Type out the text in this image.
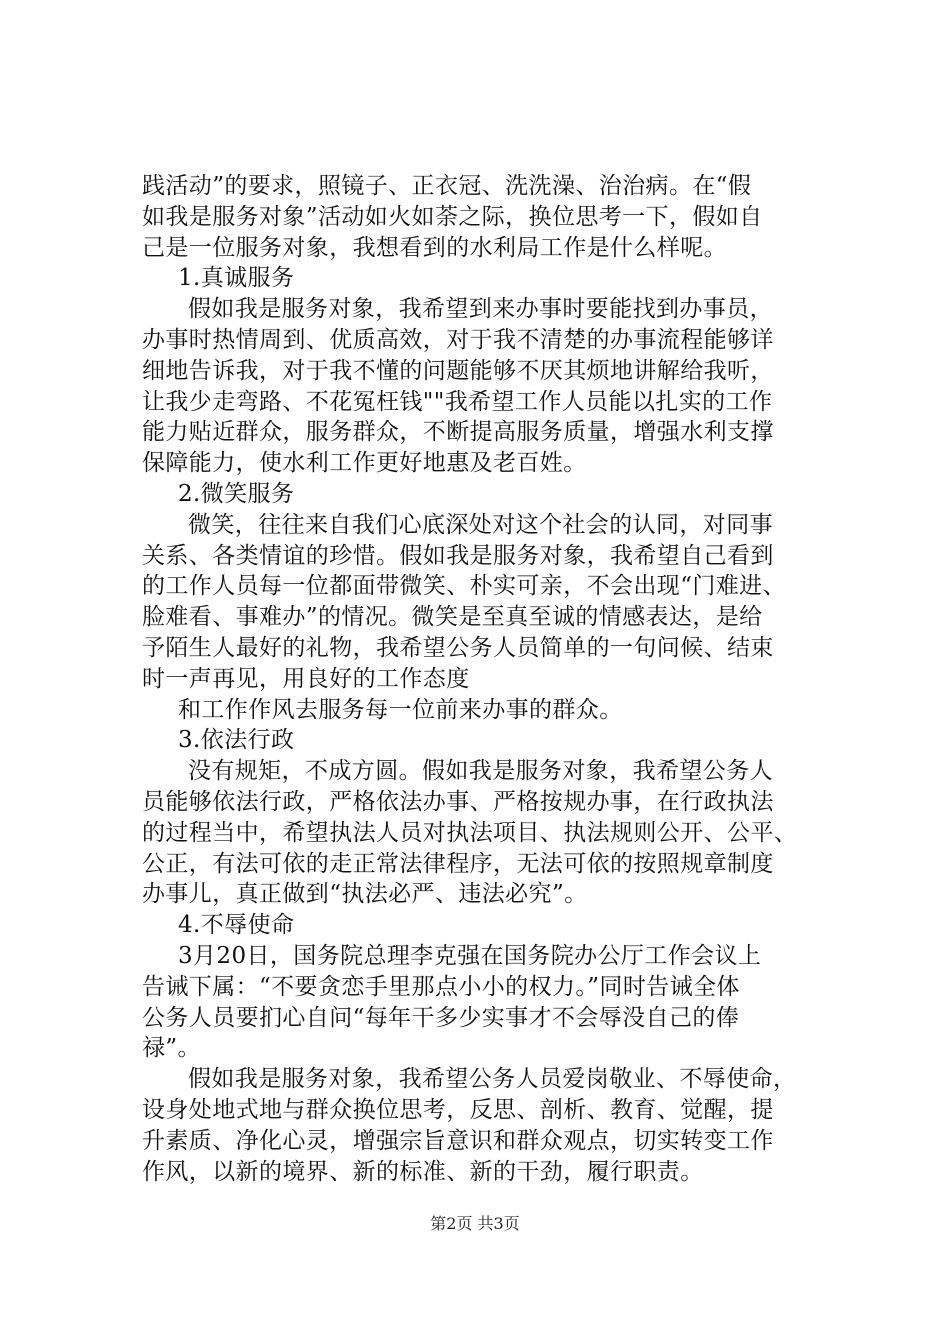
践活动”的要求，照镜子、正衣冠、洗洗澡、治治病。在“假
如我是服务对象”活动如火如荼之际，换位思考一下，假如自
己是一位服务对象，我想看到的水利局工作是什么样呢。
1.真诚服务
假如我是服务对象，我希望到来办事时要能找到办事员，
办事时热情周到、优质高效，对于我不清楚的办事流程能够详
细地告诉我，对于我不懂的问题能够不厌其烦地讲解给我听，
让我少走弯路、不花冤枉钱""我希望工作人员能以扎实的工作
能力贴近群众，服务群众，不断提高服务质量，增强水利支撑
保障能力，使水利工作更好地惠及老百姓。
2.微笑服务
微笑，往往来自我们心底深处对这个社会的认同，对同事
关系、各类情谊的珍惜。假如我是服务对象，我希望自己看到
的工作人员每一位都面带微笑、朴实可亲，不会出现“门难进、
脸难看、事难办”的情况。微笑是至真至诚的情感表达，是给
予陌生人最好的礼物，我希望公务人员简单的一句问候、结束
时一声再见，用良好的工作态度
和工作作风去服务每一位前来办事的群众。
3.依法行政
没有规矩，不成方圆。假如我是服务对象，我希望公务人
员能够依法行政，严格依法办事、严格按规办事，在行政执法
的过程当中，希望执法人员对执法项目、执法规则公开、公平、
公正，有法可依的走正常法律程序，无法可依的按照规章制度
办事儿，真正做到“执法必严、违法必究”。
4.不辱使命
3月20日，国务院总理李克强在国务院办公厅工作会议上
告诫下属：“不要贪恋手里那点小小的权力。”同时告诫全体
公务人员要扪心自问“每年干多少实事才不会辱没自己的俸
禄”。
假如我是服务对象，我希望公务人员爱岗敬业、不辱使命，
设身处地式地与群众换位思考，反思、剖析、教育、觉醒，提
升素质、净化心灵，增强宗旨意识和群众观点，切实转变工作
作风，以新的境界、新的标准、新的干劲，履行职责。
第2页 共3页
